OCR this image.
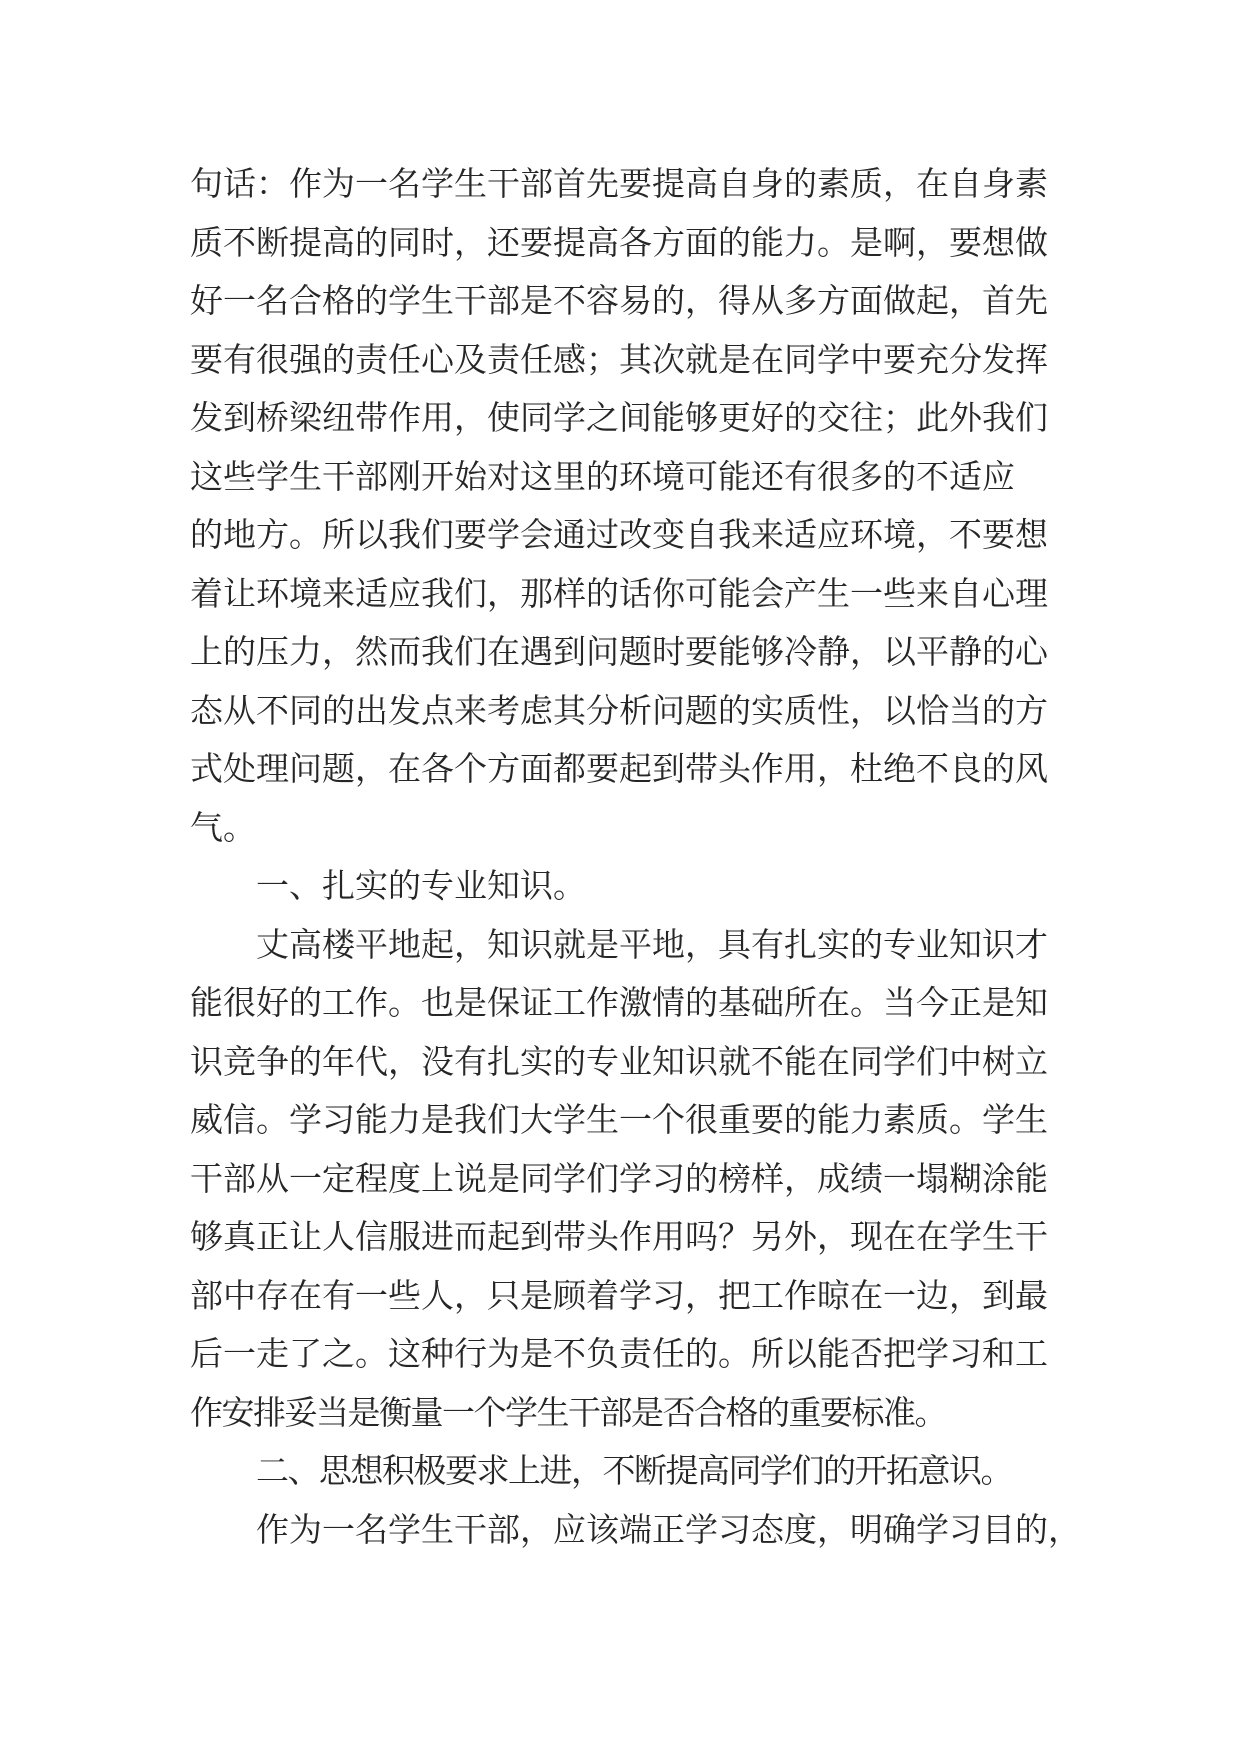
句话：作为一名学生干部首先要提高自身的素质，在自身素
质不断提高的同时，还要提高各方面的能力。是啊，要想做
好一名合格的学生干部是不容易的，得从多方面做起，首先
要有很强的责任心及责任感；其次就是在同学中要充分发挥
发到桥梁纽带作用，使同学之间能够更好的交往；此外我们
这些学生干部刚开始对这里的环境可能还有很多的不适应
的地方。所以我们要学会通过改变自我来适应环境，不要想
着让环境来适应我们，那样的话你可能会产生一些来自心理
上的压力，然而我们在遇到问题时要能够冷静，以平静的心
态从不同的出发点来考虑其分析问题的实质性，以恰当的方
式处理问题，在各个方面都要起到带头作用，杜绝不良的风
气。
一、扎实的专业知识。
丈高楼平地起，知识就是平地，具有扎实的专业知识才
能很好的工作。也是保证工作激情的基础所在。当今正是知
识竞争的年代，没有扎实的专业知识就不能在同学们中树立
威信。学习能力是我们大学生一个很重要的能力素质。学生
干部从一定程度上说是同学们学习的榜样，成绩一塌糊涂能
够真正让人信服进而起到带头作用吗？另外，现在在学生干
部中存在有一些人，只是顾着学习，把工作晾在一边，到最
后一走了之。这种行为是不负责任的。所以能否把学习和工
作安排妥当是衡量一个学生干部是否合格的重要标准。
二、思想积极要求上进，不断提高同学们的开拓意识。
作为一名学生干部，应该端正学习态度，明确学习目的，
